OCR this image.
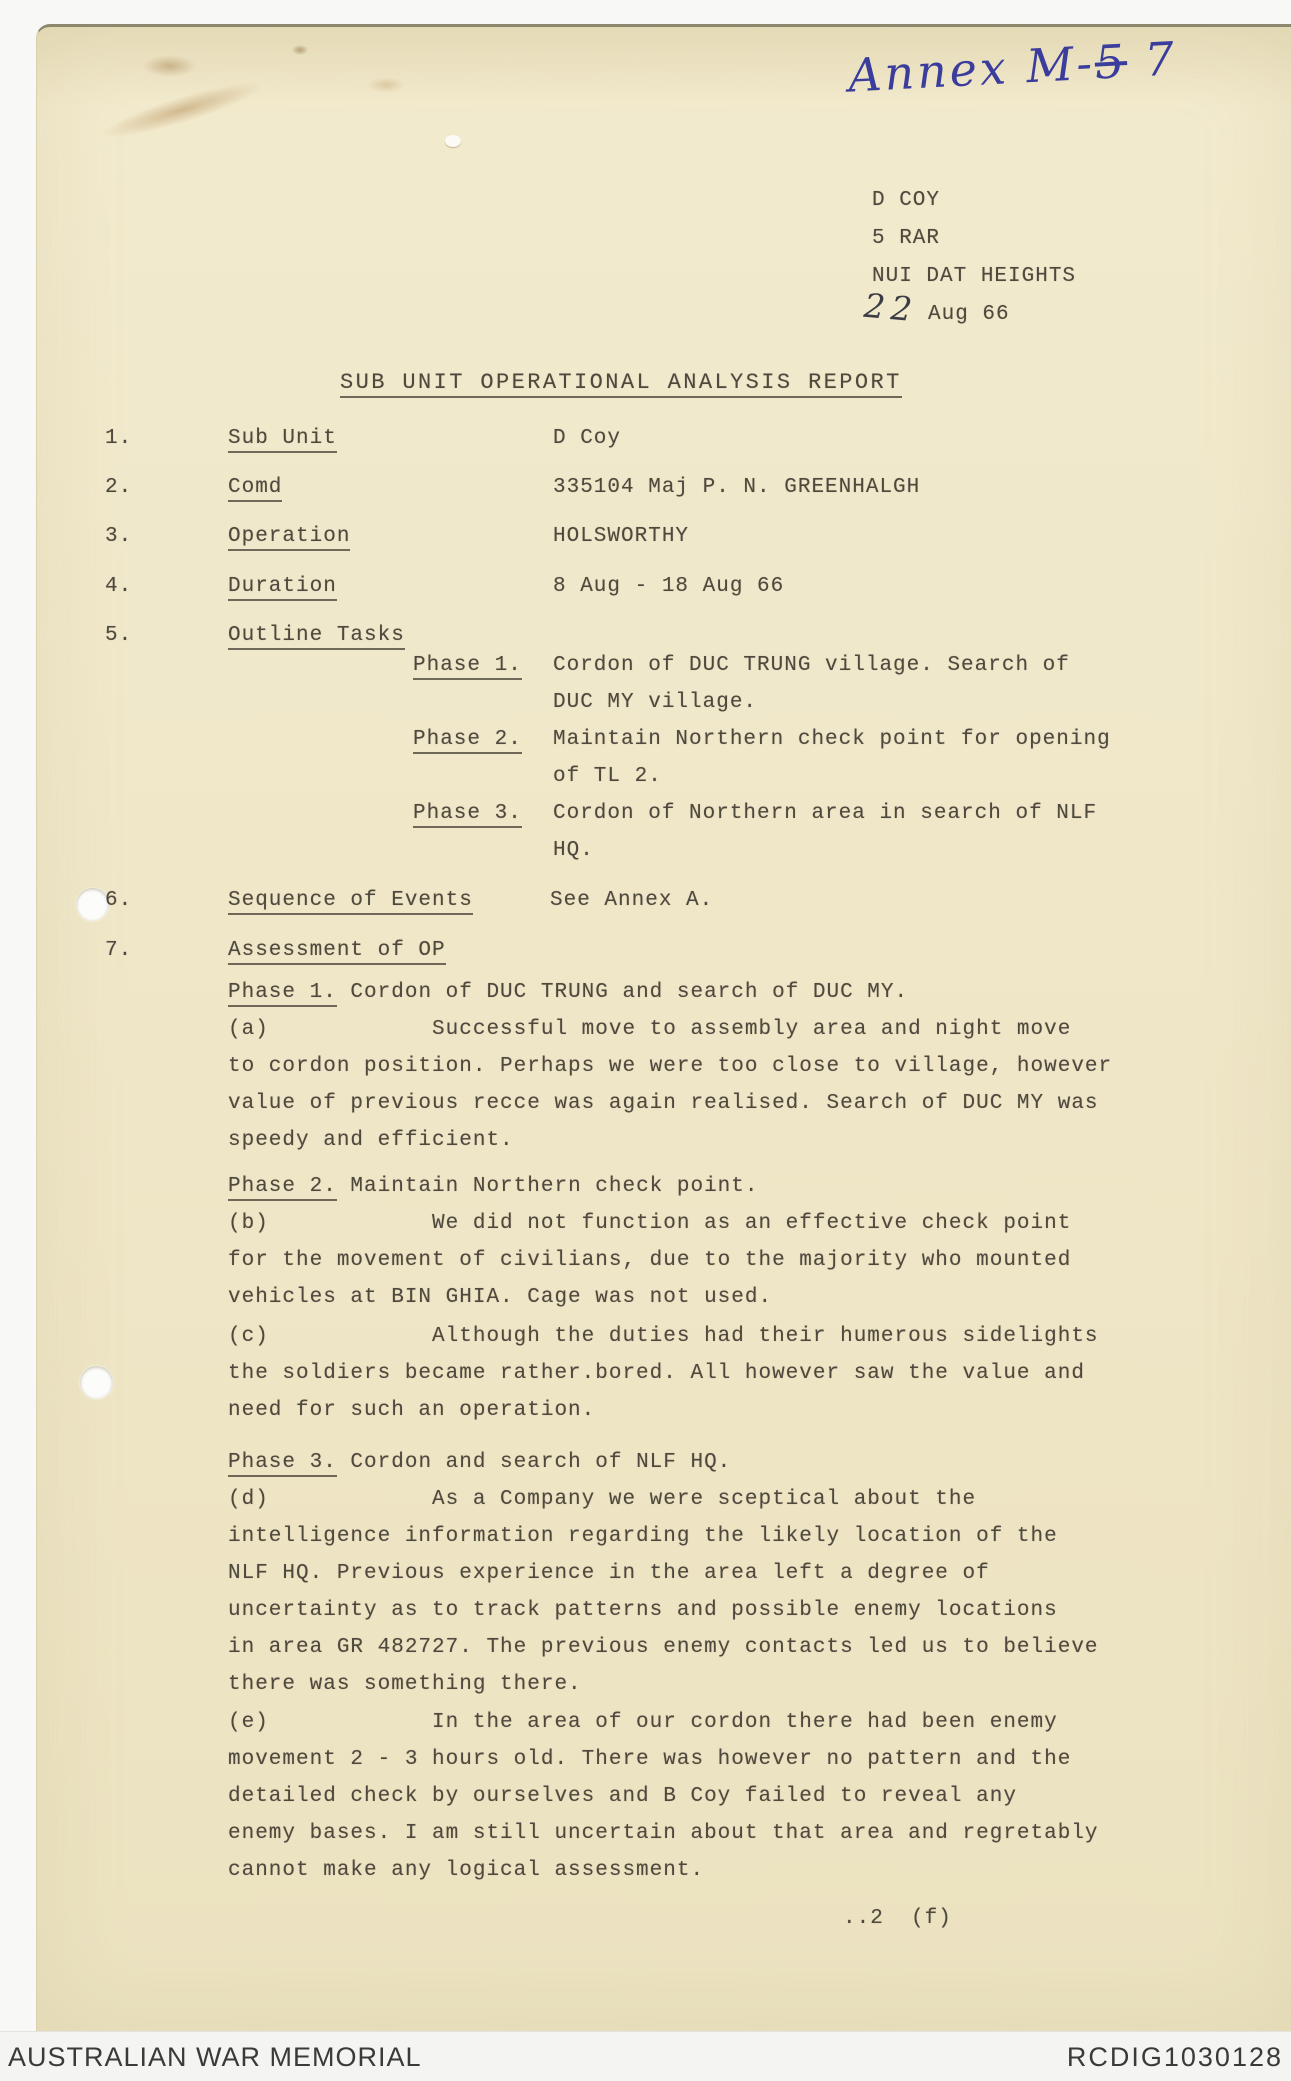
Annex M-5 7
D COY
5 RAR
NUI DAT HEIGHTS
22 Aug 66
SUB UNIT OPERATIONAL ANALYSIS REPORT
1.	Sub Unit	D Coy
2.	Comd	335104 Maj P. N. GREENHALGH
3.	Operation	HOLSWORTHY
4.	Duration	8 Aug - 18 Aug 66
5.	Outline Tasks
Phase 1. Cordon of DUC TRUNG village. Search of
DUC MY village.
Phase 2. Maintain Northern check point for opening
of TL 2.
Phase 3. Cordon of Northern area in search of NLF
HQ.
6.	Sequence of Events	See Annex A.
7.	Assessment of OP
Phase 1. Cordon of DUC TRUNG and search of DUC MY.
(a)            Successful move to assembly area and night move
to cordon position. Perhaps we were too close to village, however
value of previous recce was again realised. Search of DUC MY was
speedy and efficient.
Phase 2. Maintain Northern check point.
(b)            We did not function as an effective check point
for the movement of civilians, due to the majority who mounted
vehicles at BIN GHIA. Cage was not used.
(c)            Although the duties had their humerous sidelights
the soldiers became rather.bored. All however saw the value and
need for such an operation.
Phase 3. Cordon and search of NLF HQ.
(d)            As a Company we were sceptical about the
intelligence information regarding the likely location of the
NLF HQ. Previous experience in the area left a degree of
uncertainty as to track patterns and possible enemy locations
in area GR 482727. The previous enemy contacts led us to believe
there was something there.
(e)            In the area of our cordon there had been enemy
movement 2 - 3 hours old. There was however no pattern and the
detailed check by ourselves and B Coy failed to reveal any
enemy bases. I am still uncertain about that area and regretably
cannot make any logical assessment.
..2  (f)
AUSTRALIAN WAR MEMORIAL	RCDIG1030128
